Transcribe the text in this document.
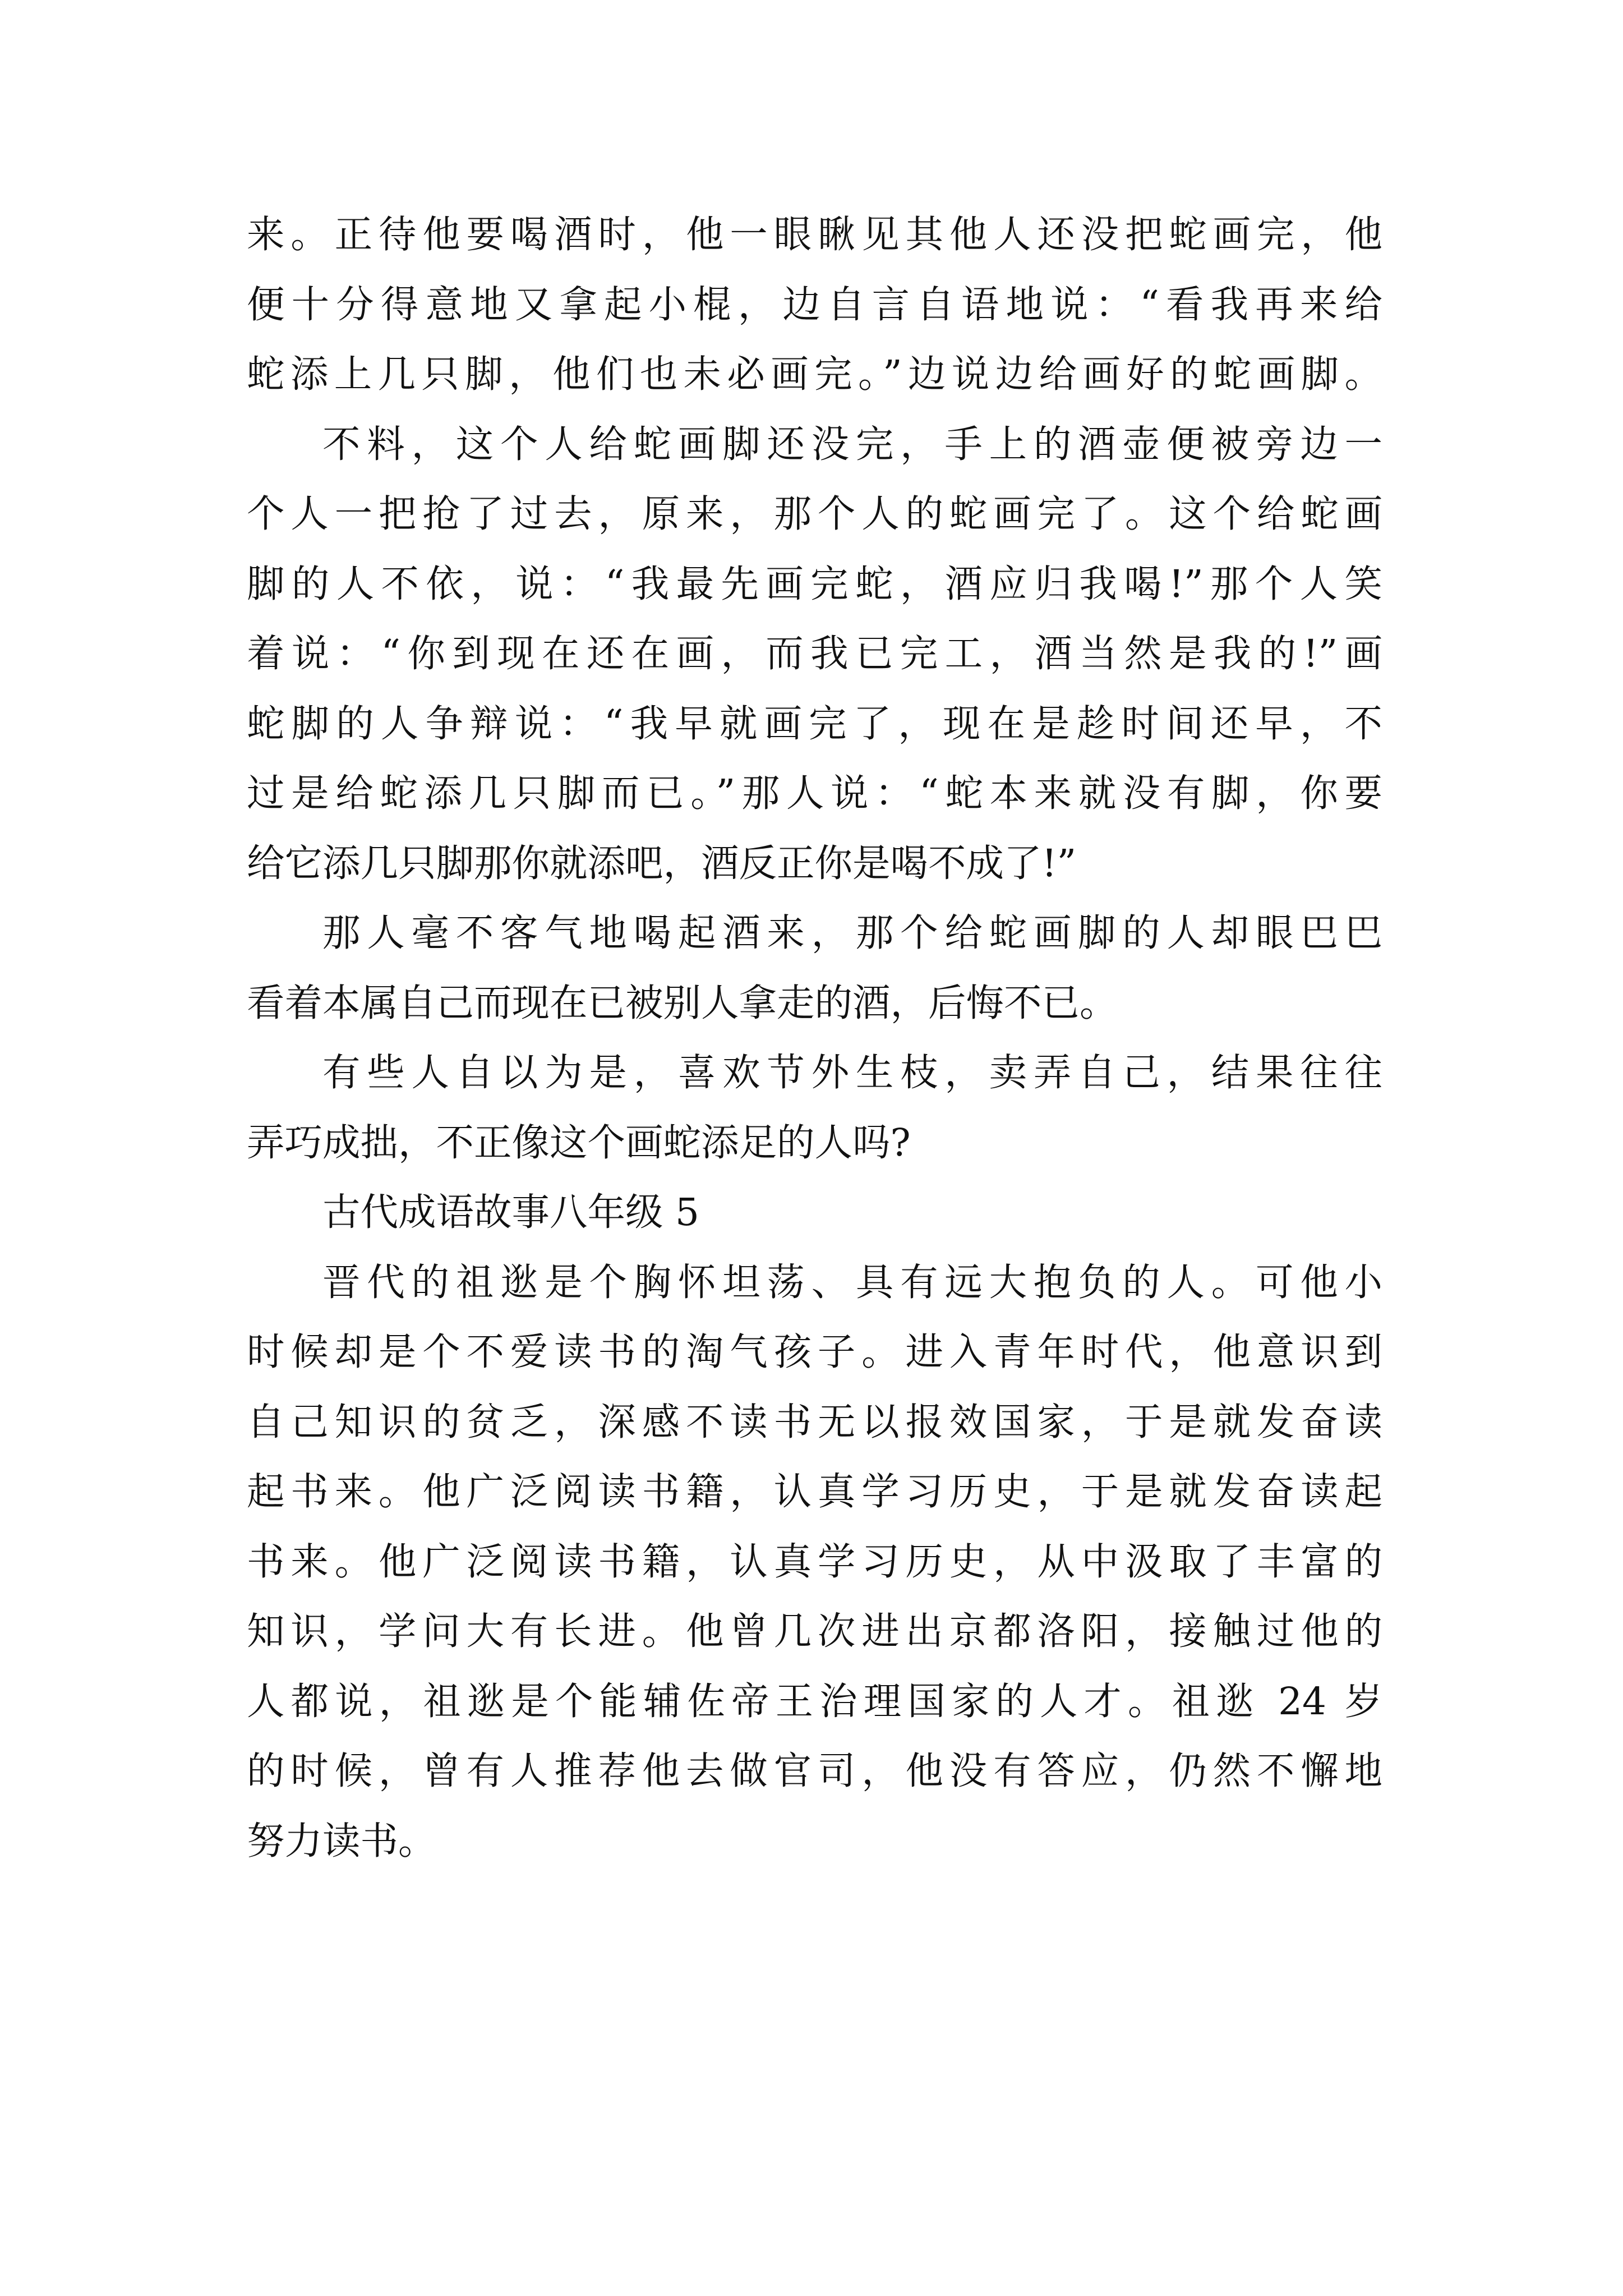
来。正待他要喝酒时，他一眼瞅见其他人还没把蛇画完，他
便十分得意地又拿起小棍，边自言自语地说：“看我再来给
蛇添上几只脚，他们也未必画完。”边说边给画好的蛇画脚。
不料，这个人给蛇画脚还没完，手上的酒壶便被旁边一
个人一把抢了过去，原来，那个人的蛇画完了。这个给蛇画
脚的人不依，说：“我最先画完蛇，酒应归我喝!”那个人笑
着说：“你到现在还在画，而我已完工，酒当然是我的!”画
蛇脚的人争辩说：“我早就画完了，现在是趁时间还早，不
过是给蛇添几只脚而已。”那人说：“蛇本来就没有脚，你要
给它添几只脚那你就添吧，酒反正你是喝不成了!”
那人毫不客气地喝起酒来，那个给蛇画脚的人却眼巴巴
看着本属自己而现在已被别人拿走的酒，后悔不已。
有些人自以为是，喜欢节外生枝，卖弄自己，结果往往
弄巧成拙，不正像这个画蛇添足的人吗?
古代成语故事八年级 5
晋代的祖逖是个胸怀坦荡、具有远大抱负的人。可他小
时候却是个不爱读书的淘气孩子。进入青年时代，他意识到
自己知识的贫乏，深感不读书无以报效国家，于是就发奋读
起书来。他广泛阅读书籍，认真学习历史，于是就发奋读起
书来。他广泛阅读书籍，认真学习历史，从中汲取了丰富的
知识，学问大有长进。他曾几次进出京都洛阳，接触过他的
人都说，祖逖是个能辅佐帝王治理国家的人才。祖逖 24 岁
的时候，曾有人推荐他去做官司，他没有答应，仍然不懈地
努力读书。
